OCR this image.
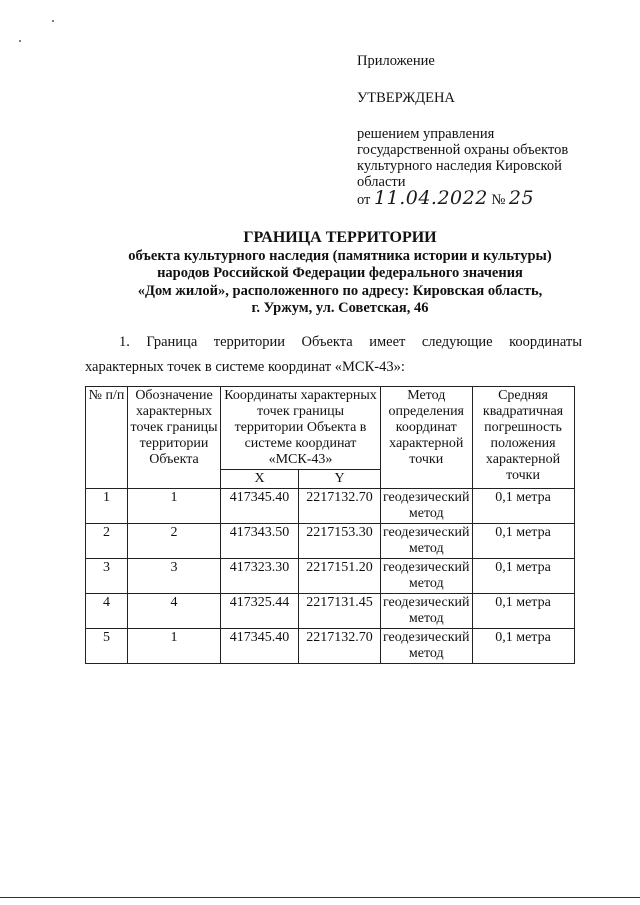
Приложение
УТВЕРЖДЕНА
решением управления
государственной охраны объектов
культурного наследия Кировской
области
от 11.04.2022 № 25
ГРАНИЦА ТЕРРИТОРИИ
объекта культурного наследия (памятника истории и культуры)
народов Российской Федерации федерального значения
«Дом жилой», расположенного по адресу: Кировская область,
г. Уржум, ул. Советская, 46
1. Граница территории Объекта имеет следующие координаты
характерных точек в системе координат «МСК-43»:
№ п/п	Обозначение характерных точек границы территории Объекта	Координаты характерных точек границы территории Объекта в системе координат «МСК-43»		Метод определения координат характерной точки	Средняя квадратичная погрешность положения характерной точки
		X	Y		
1	1	417345.40	2217132.70	геодезический метод	0,1 метра
2	2	417343.50	2217153.30	геодезический метод	0,1 метра
3	3	417323.30	2217151.20	геодезический метод	0,1 метра
4	4	417325.44	2217131.45	геодезический метод	0,1 метра
5	1	417345.40	2217132.70	геодезический метод	0,1 метра
